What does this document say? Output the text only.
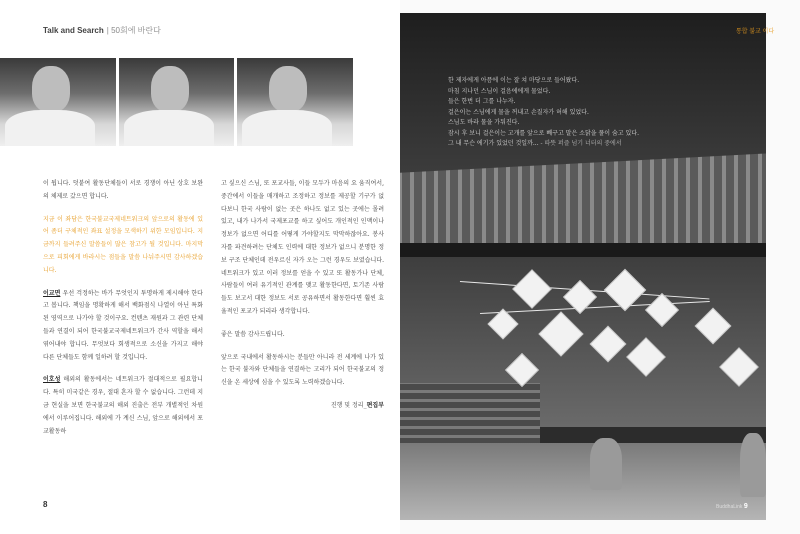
Talk and Search | 50회에 바란다

이 됩니다. 덧붙여 활동단체들이 서로 경쟁이 아닌 상호 보완의 체제로 갔으면 합니다.

지금 이 좌담은 한국불교국제네트워크의 앞으로의 활동에 있어 좀더 구체적인 좌표 설정을 모색하기 위한 모임입니다. 지금까지 들려주신 말씀들이 많은 참고가 될 것입니다. 마지막으로 피회에게 바라시는 점들을 말씀 나눠주시면 감사하겠습니다.

이교면 우선 걱정하는 바가 무엇인지 투명하게 제시해야 한다고 봅니다. 책임을 명확하게 해서 백화점식 나열이 아닌 특화된 영역으로 나가야 할 것이구요. 컨텐츠 재원과 그 관련 단체들과 연결이 되어 한국불교국제네트워크가 간사 역할을 해서 엮어내야 합니다. 무엇보다 회생적으로 소신을 가지고 해야 다른 단체들도 함께 일하려 할 것입니다.

이호성 해외의 활동에서는 네트워크가 절대적으로 필요합니다. 특히 미국같은 경우, 절대 혼자 할 수 없습니다. 그런데 지금 현실을 보면 한국불교의 해외 진출은 전부 개별적인 차원에서 이루어집니다. 해외에 가 계신 스님, 앞으로 해외에서 포교활동하

고 싶으신 스님, 또 포교사들, 이들 모두가 마음의 요 움직여서, 중간에서 이들을 매개하고 조정하고 정보를 제공할 기구가 없다보니 한국 사람이 없는 곳은 하나도 없고 있는 곳에는 몰려 있고, 내가 나가서 국제포교를 하고 싶어도 개인적인 인맥이나 정보가 없으면 어디를 어떻게 가야할지도 막막하잖아요. 봉사자를 파견하려는 단체도 인력에 대한 정보가 없으니 분명한 정보 구조 단체인데 전우르신 자가 오는 그런 경우도 보였습니다. 네트워크가 있고 이러 정보를 얻을 수 있고 또 활동가나 단체, 사람들이 여러 유기적인 관계를 맺고 활동한다면, 토기존 사람들도 보고서 대한 정보도 서로 공유하면서 활동한다면 훨씬 효율적인 포교가 되리라 생각합니다.

좋은 말씀 감사드립니다.

앞으로 국내에서 활동하시는 분들만 아니라 전 세계에 나가 있는 한국 불자와 단체들을 연결하는 고리가 되어 한국불교의 정신을 온 세상에 심을 수 있도록 노력하겠습니다.

진행 및 정리_편집부
8

한 제자에게 아픔에 이는 잘 쳐 마당으로 들어왔다.

마침 지나던 스님이 걸음에에게 물었다.

들은 한번 더 그를 나누자.

걸은이는 스님에게 물을 꺼내고 손질자가 허해 있었다.

스님도 바라 물을 가둬진다.

잠시 후 보니 걸은이는 고개를 앞으로 빼구고 말은 소닭을 풀이 숨고 있다.

그 내 무슨 에기가 있었던 것일까... - 따뜻 퍼즐 넘기 너터의 중에서

통합 불교 이다
BuddhaLink 9
